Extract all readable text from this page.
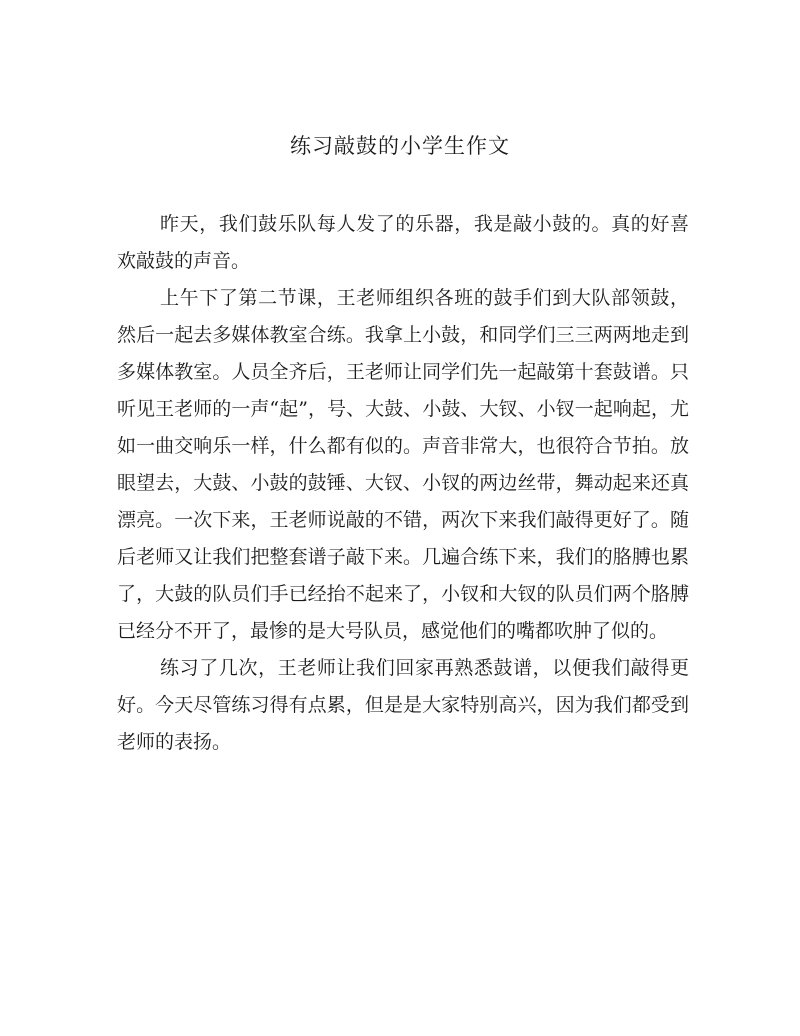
练习敲鼓的小学生作文

昨天，我们鼓乐队每人发了的乐器，我是敲小鼓的。真的好喜欢敲鼓的声音。

上午下了第二节课，王老师组织各班的鼓手们到大队部领鼓，然后一起去多媒体教室合练。我拿上小鼓，和同学们三三两两地走到多媒体教室。人员全齐后，王老师让同学们先一起敲第十套鼓谱。只听见王老师的一声“起”，号、大鼓、小鼓、大钗、小钗一起响起，尤如一曲交响乐一样，什么都有似的。声音非常大，也很符合节拍。放眼望去，大鼓、小鼓的鼓锤、大钗、小钗的两边丝带，舞动起来还真漂亮。一次下来，王老师说敲的不错，两次下来我们敲得更好了。随后老师又让我们把整套谱子敲下来。几遍合练下来，我们的胳膊也累了，大鼓的队员们手已经抬不起来了，小钗和大钗的队员们两个胳膊已经分不开了，最惨的是大号队员，感觉他们的嘴都吹肿了似的。

练习了几次，王老师让我们回家再熟悉鼓谱，以便我们敲得更好。今天尽管练习得有点累，但是是大家特别高兴，因为我们都受到老师的表扬。
